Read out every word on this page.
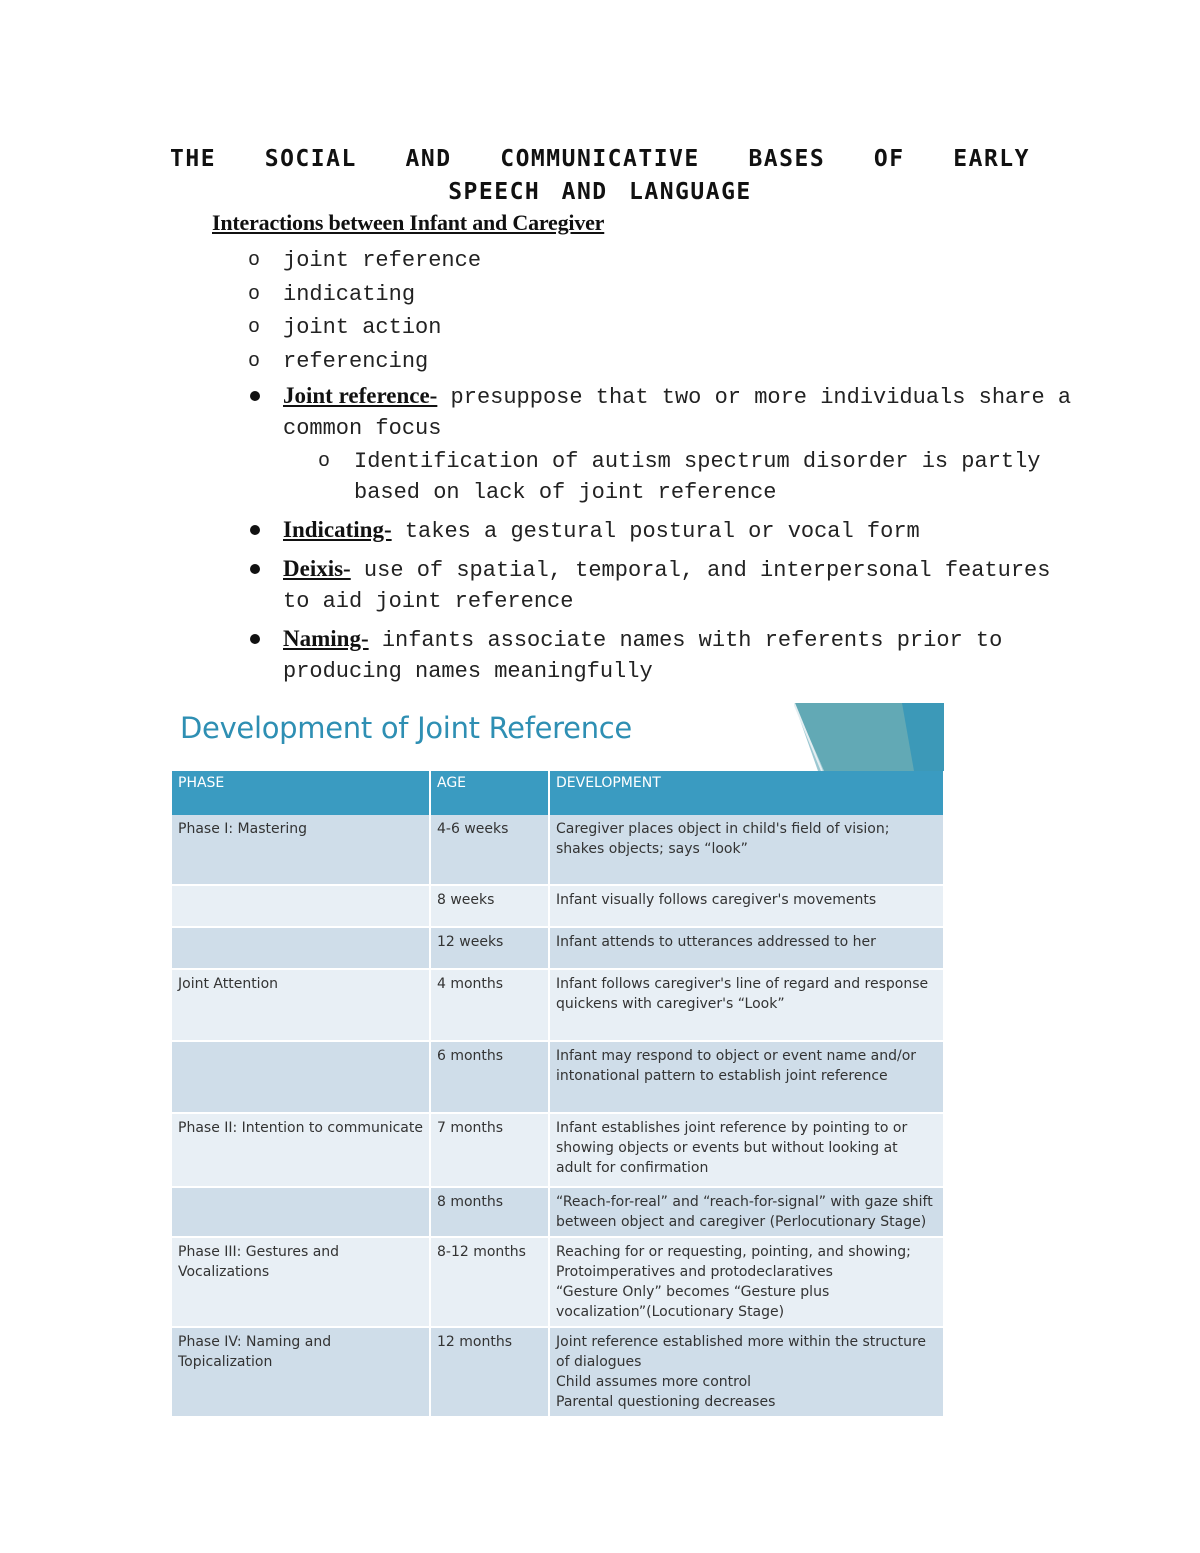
THE SOCIAL AND COMMUNICATIVE BASES OF EARLY
SPEECH AND LANGUAGE
Interactions between Infant and Caregiver
o joint reference
o indicating
o joint action
o referencing
Joint reference- presuppose that two or more individuals share a common focus
o Identification of autism spectrum disorder is partly based on lack of joint reference
Indicating- takes a gestural postural or vocal form
Deixis- use of spatial, temporal, and interpersonal features to aid joint reference
Naming- infants associate names with referents prior to producing names meaningfully
Development of Joint Reference
PHASE	AGE	DEVELOPMENT
Phase I: Mastering	4-6 weeks	Caregiver places object in child's field of vision; shakes objects; says “look”
	8 weeks	Infant visually follows caregiver's movements
	12 weeks	Infant attends to utterances addressed to her
Joint Attention	4 months	Infant follows caregiver's line of regard and response quickens with caregiver's “Look”
	6 months	Infant may respond to object or event name and/or intonational pattern to establish joint reference
Phase II: Intention to communicate	7 months	Infant establishes joint reference by pointing to or showing objects or events but without looking at adult for confirmation
	8 months	“Reach-for-real” and “reach-for-signal” with gaze shift between object and caregiver (Perlocutionary Stage)
Phase III: Gestures and Vocalizations	8-12 months	Reaching for or requesting, pointing, and showing; Protoimperatives and protodeclaratives
“Gesture Only” becomes “Gesture plus vocalization”(Locutionary Stage)
Phase IV: Naming and Topicalization	12 months	Joint reference established more within the structure of dialogues
Child assumes more control
Parental questioning decreases
